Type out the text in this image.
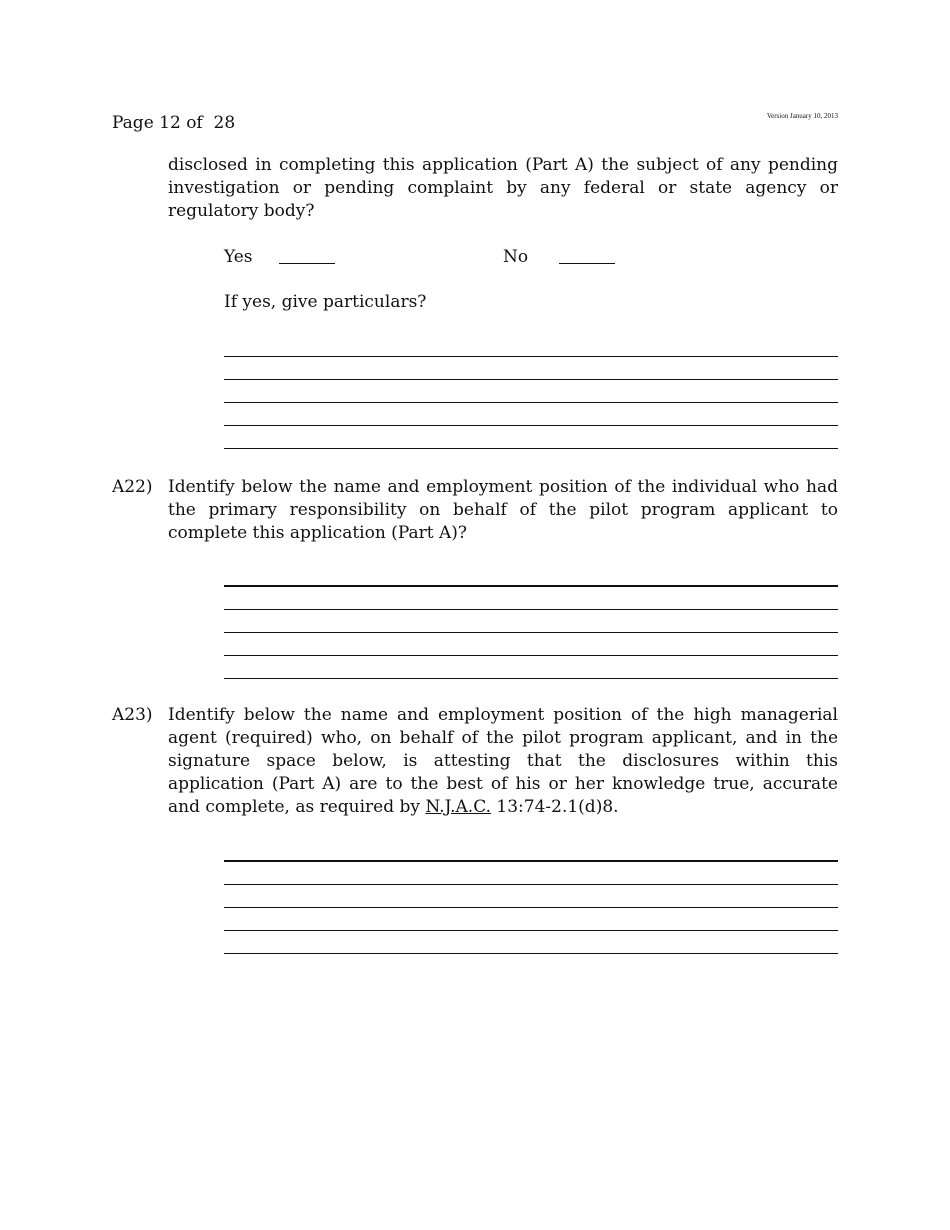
Page 12 of  28	Version January 10, 2013

disclosed in completing this application (Part A) the subject of any pending investigation or pending complaint by any federal or state agency or regulatory body?

Yes	No
If yes, give particulars?
A22) Identify below the name and employment position of the individual who had the primary responsibility on behalf of the pilot program applicant to complete this application (Part A)?

A23) Identify below the name and employment position of the high managerial agent (required) who, on behalf of the pilot program applicant, and in the signature space below, is attesting that the disclosures within this application (Part A) are to the best of his or her knowledge true, accurate and complete, as required by N.J.A.C. 13:74-2.1(d)8.
